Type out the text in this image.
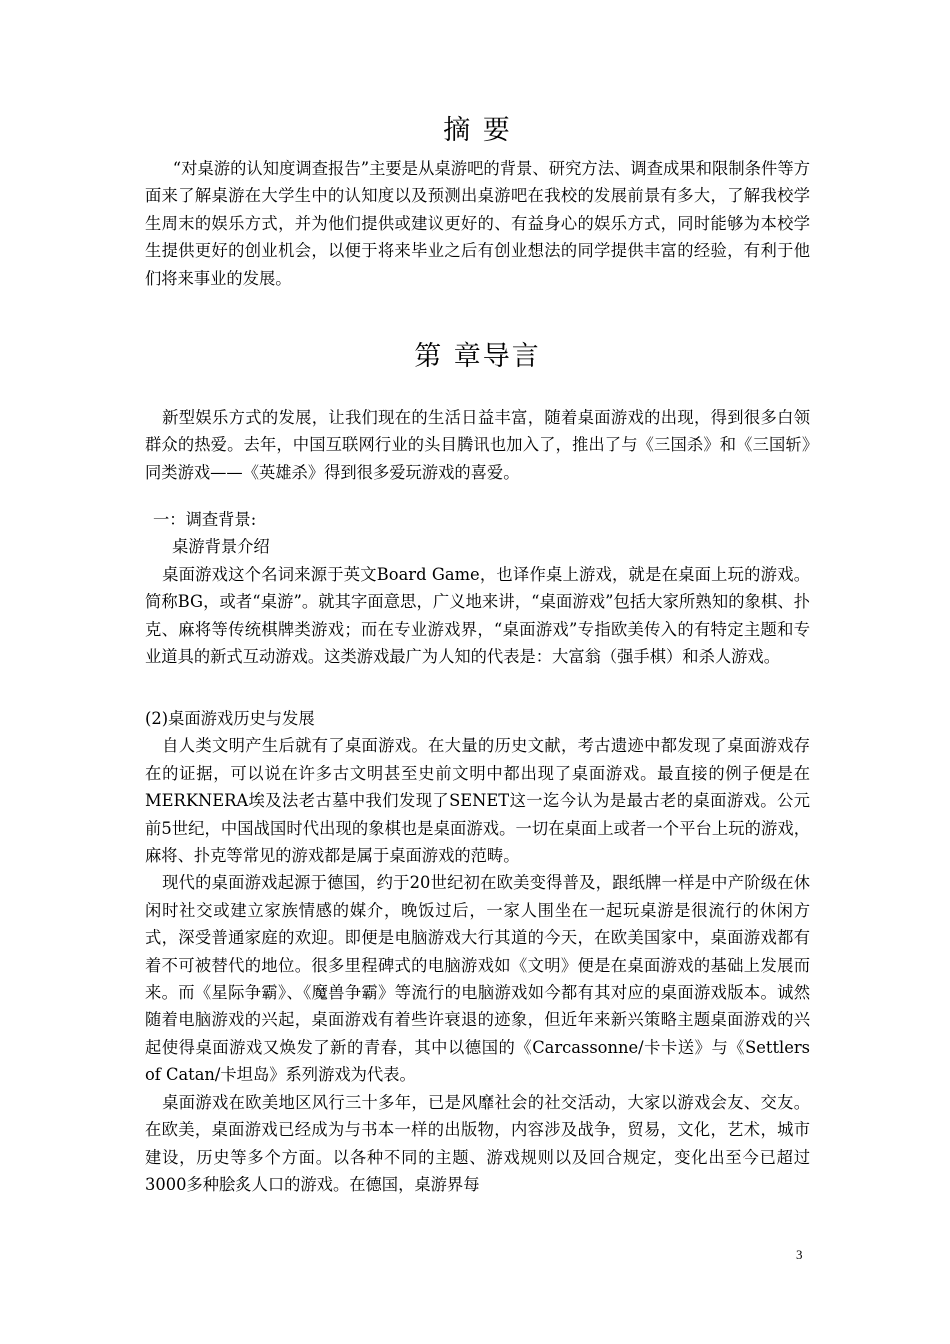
摘 要

“对桌游的认知度调查报告”主要是从桌游吧的背景、研究方法、调查成果和限制条件等方面来了解桌游在大学生中的认知度以及预测出桌游吧在我校的发展前景有多大，了解我校学生周末的娱乐方式，并为他们提供或建议更好的、有益身心的娱乐方式，同时能够为本校学生提供更好的创业机会，以便于将来毕业之后有创业想法的同学提供丰富的经验，有利于他们将来事业的发展。

第 章导言

新型娱乐方式的发展，让我们现在的生活日益丰富，随着桌面游戏的出现，得到很多白领群众的热爱。去年，中国互联网行业的头目腾讯也加入了，推出了与《三国杀》和《三国斩》同类游戏——《英雄杀》得到很多爱玩游戏的喜爱。

一：调查背景:

桌游背景介绍

桌面游戏这个名词来源于英文Board Game，也译作桌上游戏，就是在桌面上玩的游戏。简称BG，或者“桌游”。就其字面意思，广义地来讲，“桌面游戏”包括大家所熟知的象棋、扑克、麻将等传统棋牌类游戏；而在专业游戏界，“桌面游戏”专指欧美传入的有特定主题和专业道具的新式互动游戏。这类游戏最广为人知的代表是：大富翁（强手棋）和杀人游戏。

(2)桌面游戏历史与发展

自人类文明产生后就有了桌面游戏。在大量的历史文献，考古遗迹中都发现了桌面游戏存在的证据，可以说在许多古文明甚至史前文明中都出现了桌面游戏。最直接的例子便是在MERKNERA埃及法老古墓中我们发现了SENET这一迄今认为是最古老的桌面游戏。公元前5世纪，中国战国时代出现的象棋也是桌面游戏。一切在桌面上或者一个平台上玩的游戏，麻将、扑克等常见的游戏都是属于桌面游戏的范畴。

现代的桌面游戏起源于德国，约于20世纪初在欧美变得普及，跟纸牌一样是中产阶级在休闲时社交或建立家族情感的媒介，晚饭过后，一家人围坐在一起玩桌游是很流行的休闲方式，深受普通家庭的欢迎。即便是电脑游戏大行其道的今天，在欧美国家中，桌面游戏都有着不可被替代的地位。很多里程碑式的电脑游戏如《文明》便是在桌面游戏的基础上发展而来。而《星际争霸》、《魔兽争霸》等流行的电脑游戏如今都有其对应的桌面游戏版本。诚然随着电脑游戏的兴起，桌面游戏有着些许衰退的迹象，但近年来新兴策略主题桌面游戏的兴起使得桌面游戏又焕发了新的青春，其中以德国的《Carcassonne/卡卡送》与《Settlers of Catan/卡坦岛》系列游戏为代表。

桌面游戏在欧美地区风行三十多年，已是风靡社会的社交活动，大家以游戏会友、交友。在欧美，桌面游戏已经成为与书本一样的出版物，内容涉及战争，贸易，文化，艺术，城市建设，历史等多个方面。以各种不同的主题、游戏规则以及回合规定，变化出至今已超过3000多种脍炙人口的游戏。在德国，桌游界每

3
